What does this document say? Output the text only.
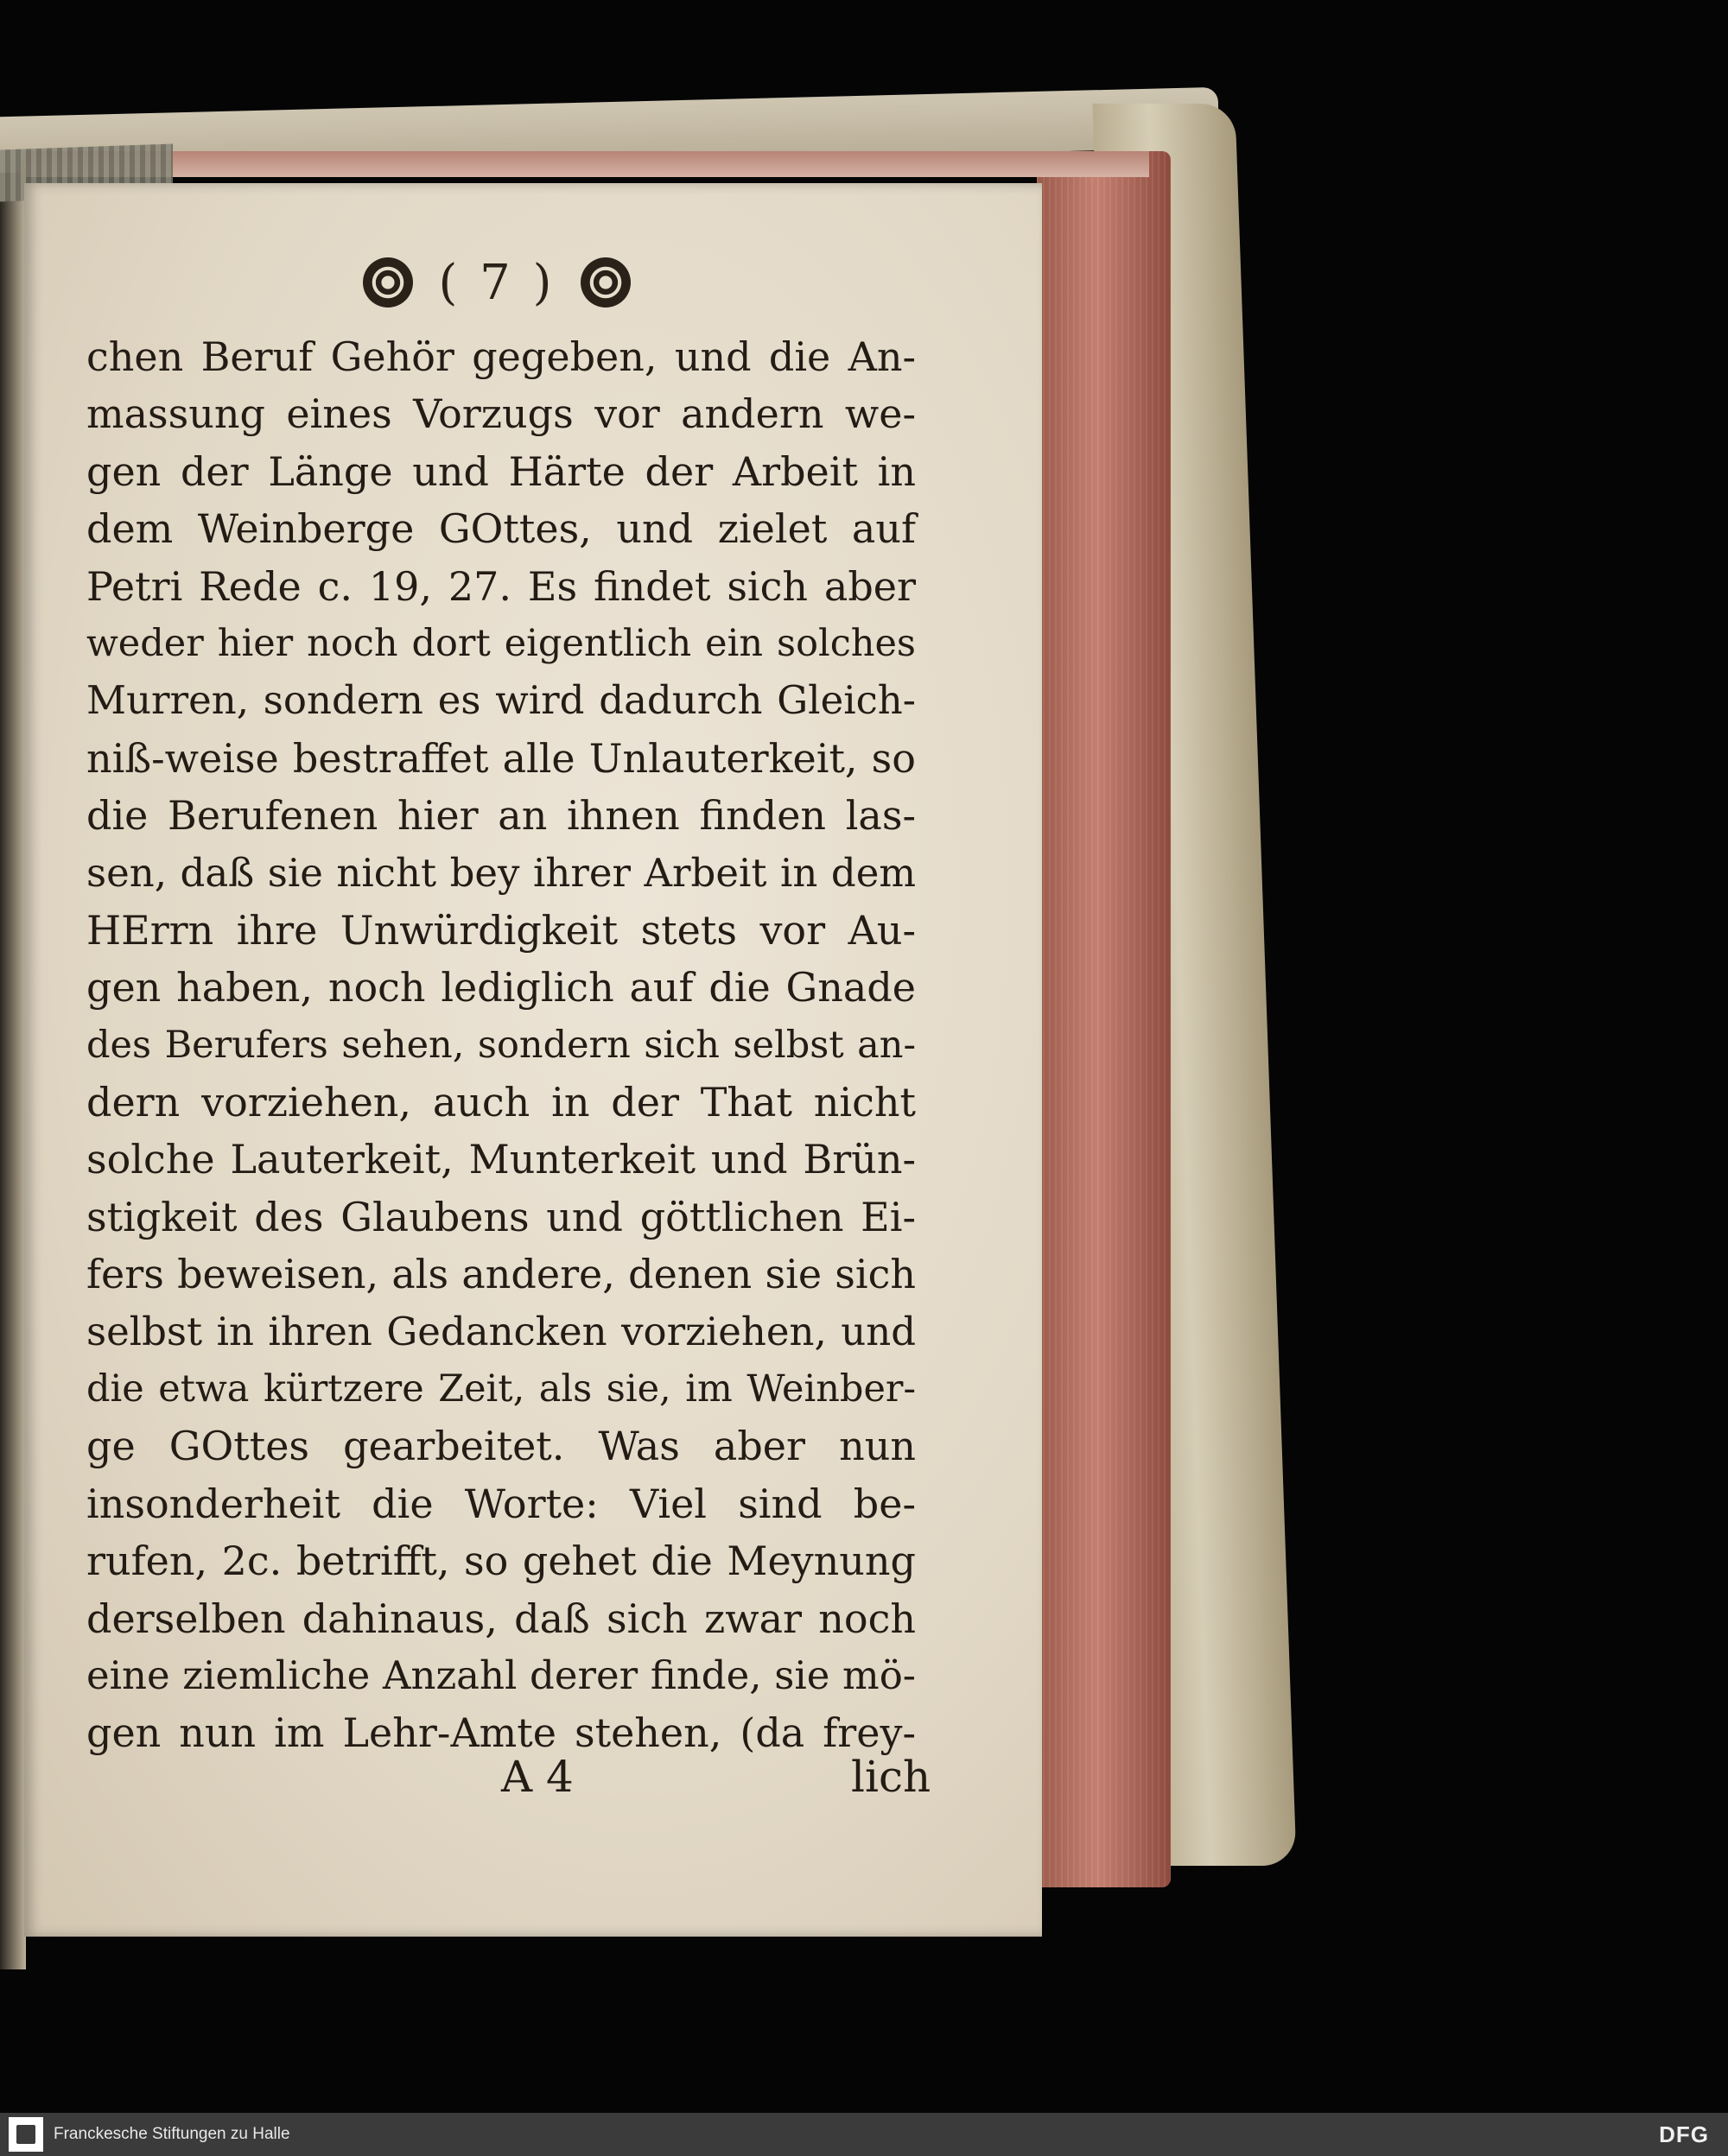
( 7 )
chen Beruf Gehör gegeben, und die An-
massung eines Vorzugs vor andern we-
gen der Länge und Härte der Arbeit in
dem Weinberge GOttes, und zielet auf
Petri Rede c. 19, 27. Es findet sich aber
weder hier noch dort eigentlich ein solches
Murren, sondern es wird dadurch Gleich-
niß-weise bestraffet alle Unlauterkeit, so
die Berufenen hier an ihnen finden las-
sen, daß sie nicht bey ihrer Arbeit in dem
HErrn ihre Unwürdigkeit stets vor Au-
gen haben, noch lediglich auf die Gnade
des Berufers sehen, sondern sich selbst an-
dern vorziehen, auch in der That nicht
solche Lauterkeit, Munterkeit und Brün-
stigkeit des Glaubens und göttlichen Ei-
fers beweisen, als andere, denen sie sich
selbst in ihren Gedancken vorziehen, und
die etwa kürtzere Zeit, als sie, im Weinber-
ge GOttes gearbeitet. Was aber nun
insonderheit die Worte: Viel sind be-
rufen, 2c. betrifft, so gehet die Meynung
derselben dahinaus, daß sich zwar noch
eine ziemliche Anzahl derer finde, sie mö-
gen nun im Lehr-Amte stehen, (da frey-
A 4	lich
Franckesche Stiftungen zu Halle	DFG
